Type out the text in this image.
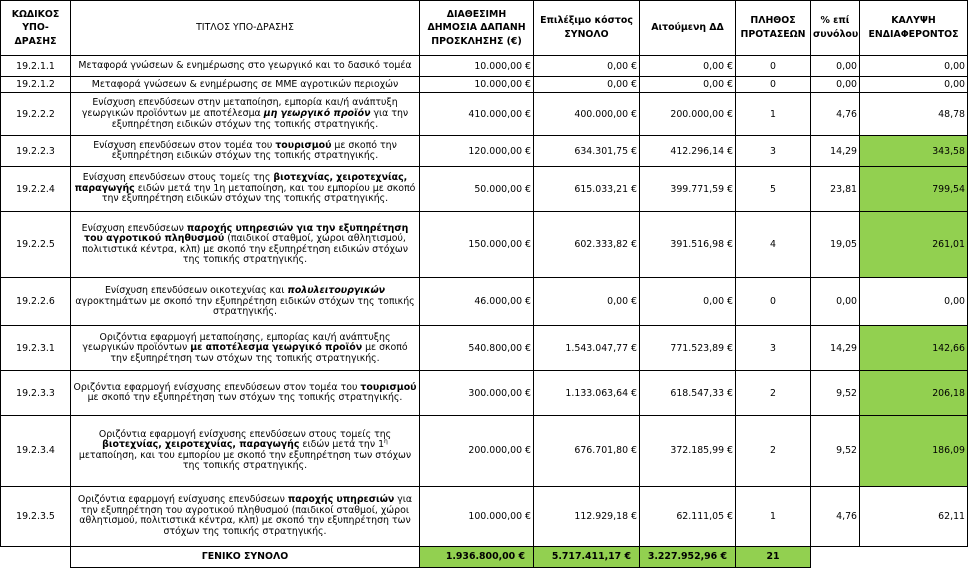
ΚΩΔΙΚΟΣ ΥΠΟ-ΔΡΑΣΗΣ	ΤΙΤΛΟΣ ΥΠΟ-ΔΡΑΣΗΣ	ΔΙΑΘΕΣΙΜΗ ΔΗΜΟΣΙΑ ΔΑΠΑΝΗ ΠΡΟΣΚΛΗΣΗΣ (€)	Επιλέξιμο κόστος ΣΥΝΟΛΟ	Αιτούμενη ΔΔ	ΠΛΗΘΟΣ ΠΡΟΤΑΣΕΩΝ	% επί συνόλου	ΚΑΛΥΨΗ ΕΝΔΙΑΦΕΡΟΝΤΟΣ
19.2.1.1	Μεταφορά γνώσεων & ενημέρωσης στο γεωργικό και το δασικό τομέα	10.000,00 €	0,00 €	0,00 €	0	0,00	0,00
19.2.1.2	Μεταφορά γνώσεων & ενημέρωσης σε ΜΜΕ αγροτικών περιοχών	10.000,00 €	0,00 €	0,00 €	0	0,00	0,00
19.2.2.2	Ενίσχυση επενδύσεων στην μεταποίηση, εμπορία και/ή ανάπτυξη γεωργικών προϊόντων με αποτέλεσμα μη γεωργικό προϊόν για την εξυπηρέτηση ειδικών στόχων της τοπικής στρατηγικής.	410.000,00 €	400.000,00 €	200.000,00 €	1	4,76	48,78
19.2.2.3	Ενίσχυση επενδύσεων στον τομέα του τουρισμού με σκοπό την εξυπηρέτηση ειδικών στόχων της τοπικής στρατηγικής.	120.000,00 €	634.301,75 €	412.296,14 €	3	14,29	343,58
19.2.2.4	Ενίσχυση επενδύσεων στους τομείς της βιοτεχνίας, χειροτεχνίας, παραγωγής ειδών μετά την 1η μεταποίηση, και του εμπορίου με σκοπό την εξυπηρέτηση ειδικών στόχων της τοπικής στρατηγικής.	50.000,00 €	615.033,21 €	399.771,59 €	5	23,81	799,54
19.2.2.5	Ενίσχυση επενδύσεων παροχής υπηρεσιών για την εξυπηρέτηση του αγροτικού πληθυσμού (παιδικοί σταθμοί, χώροι αθλητισμού, πολιτιστικά κέντρα, κλπ) με σκοπό την εξυπηρέτηση ειδικών στόχων της τοπικής στρατηγικής.	150.000,00 €	602.333,82 €	391.516,98 €	4	19,05	261,01
19.2.2.6	Ενίσχυση επενδύσεων οικοτεχνίας και πολυλειτουργικών αγροκτημάτων με σκοπό την εξυπηρέτηση ειδικών στόχων της τοπικής στρατηγικής.	46.000,00 €	0,00 €	0,00 €	0	0,00	0,00
19.2.3.1	Οριζόντια εφαρμογή μεταποίησης, εμπορίας και/ή ανάπτυξης γεωργικών προϊόντων με αποτέλεσμα γεωργικό προϊόν με σκοπό την εξυπηρέτηση των στόχων της τοπικής στρατηγικής.	540.800,00 €	1.543.047,77 €	771.523,89 €	3	14,29	142,66
19.2.3.3	Οριζόντια εφαρμογή ενίσχυσης επενδύσεων στον τομέα του τουρισμού με σκοπό την εξυπηρέτηση των στόχων της τοπικής στρατηγικής.	300.000,00 €	1.133.063,64 €	618.547,33 €	2	9,52	206,18
19.2.3.4	Οριζόντια εφαρμογή ενίσχυσης επενδύσεων στους τομείς της βιοτεχνίας, χειροτεχνίας, παραγωγής ειδών μετά την $1^\eta$ μεταποίηση, και του εμπορίου με σκοπό την εξυπηρέτηση των στόχων της τοπικής στρατηγικής.	200.000,00 €	676.701,80 €	372.185,99 €	2	9,52	186,09
19.2.3.5	Οριζόντια εφαρμογή ενίσχυσης επενδύσεων παροχής υπηρεσιών για την εξυπηρέτηση του αγροτικού πληθυσμού (παιδικοί σταθμοί, χώροι αθλητισμού, πολιτιστικά κέντρα, κλπ) με σκοπό την εξυπηρέτηση των στόχων της τοπικής στρατηγικής.	100.000,00 €	112.929,18 €	62.111,05 €	1	4,76	62,11
	ΓΕΝΙΚΟ ΣΥΝΟΛΟ	1.936.800,00 €	5.717.411,17 €	3.227.952,96 €	21		
